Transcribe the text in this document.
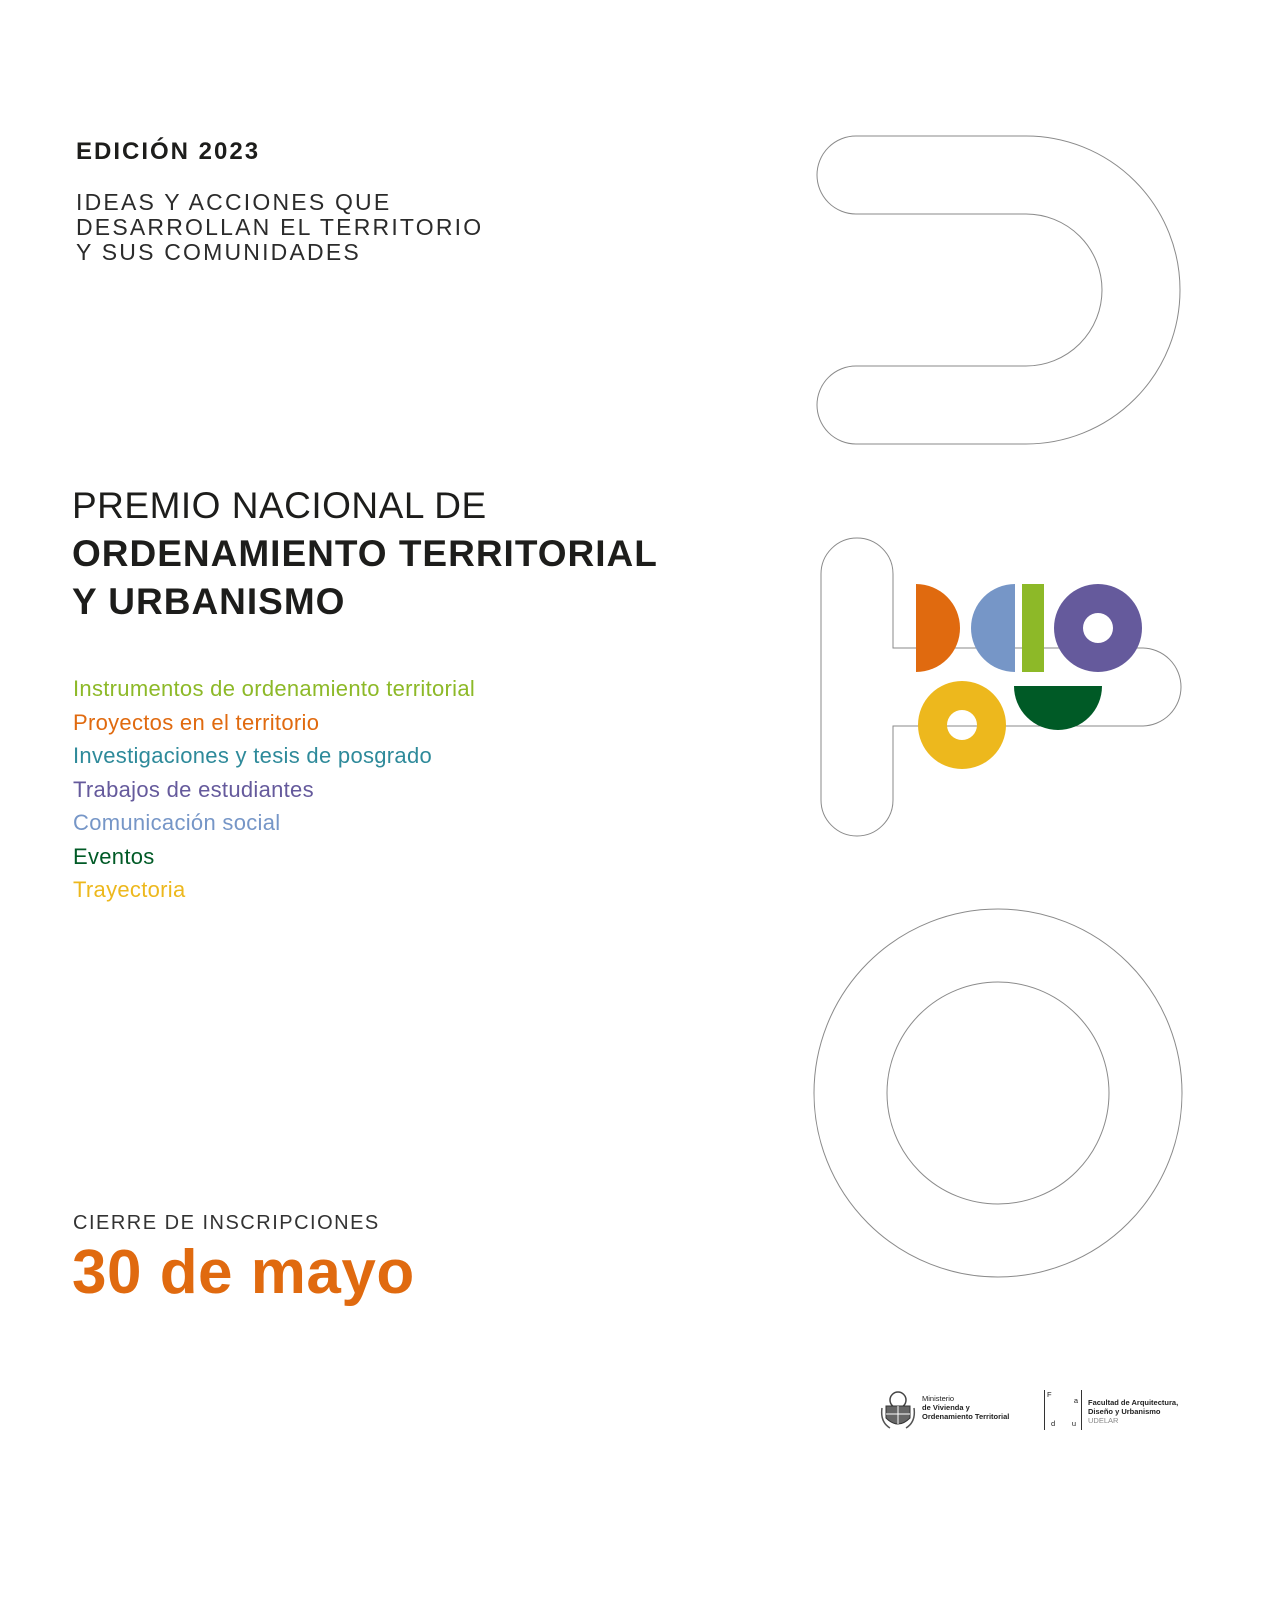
EDICIÓN 2023
IDEAS Y ACCIONES QUE
DESARROLLAN EL TERRITORIO
Y SUS COMUNIDADES
PREMIO NACIONAL DE
ORDENAMIENTO TERRITORIAL
Y URBANISMO
Instrumentos de ordenamiento territorial
Proyectos en el territorio
Investigaciones y tesis de posgrado
Trabajos de estudiantes
Comunicación social
Eventos
Trayectoria
CIERRE DE INSCRIPCIONES
30 de mayo
Ministerio
de Vivienda y
Ordenamiento Territorial
F
a
d u
Facultad de Arquitectura,
Diseño y Urbanismo
UDELAR
